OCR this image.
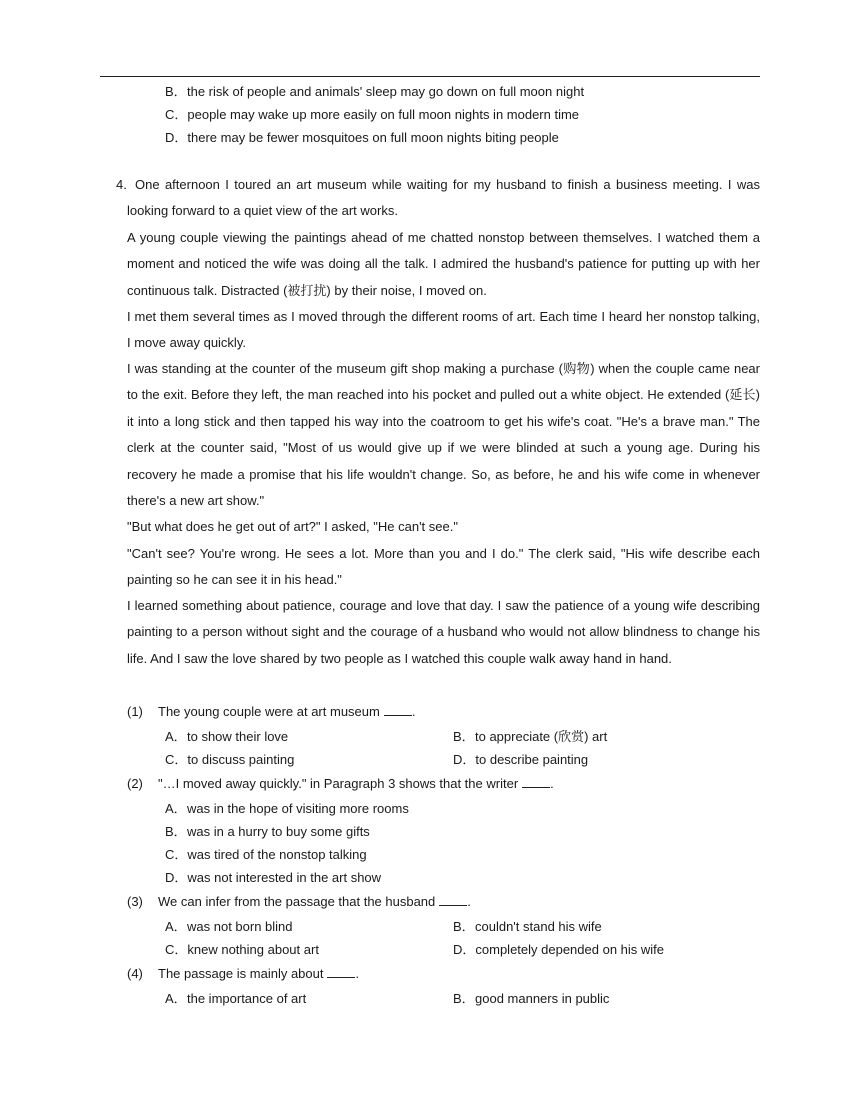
B．the risk of people and animals' sleep may go down on full moon night
C．people may wake up more easily on full moon nights in modern time
D．there may be fewer mosquitoes on full moon nights biting people
4. One afternoon I toured an art museum while waiting for my husband to finish a business meeting. I was
looking forward to a quiet view of the art works.
A young couple viewing the paintings ahead of me chatted nonstop between themselves. I watched them a moment and noticed the wife was doing all the talk. I admired the husband's patience for putting up with her continuous talk. Distracted (被打扰) by their noise, I moved on.
I met them several times as I moved through the different rooms of art. Each time I heard her nonstop talking, I move away quickly.
I was standing at the counter of the museum gift shop making a purchase (购物) when the couple came near to the exit. Before they left, the man reached into his pocket and pulled out a white object. He extended (延长) it into a long stick and then tapped his way into the coatroom to get his wife's coat. "He's a brave man." The clerk at the counter said, "Most of us would give up if we were blinded at such a young age. During his recovery he made a promise that his life wouldn't change. So, as before, he and his wife come in whenever there's a new art show."
"But what does he get out of art?" I asked, "He can't see."
"Can't see? You're wrong. He sees a lot. More than you and I do." The clerk said, "His wife describe each painting so he can see it in his head."
I learned something about patience, courage and love that day. I saw the patience of a young wife describing painting to a person without sight and the courage of a husband who would not allow blindness to change his life. And I saw the love shared by two people as I watched this couple walk away hand in hand.
(1) The young couple were at art museum .
A．to show their love	B．to appreciate (欣赏) art
C．to discuss painting	D．to describe painting
(2) "…I moved away quickly." in Paragraph 3 shows that the writer .
A．was in the hope of visiting more rooms
B．was in a hurry to buy some gifts
C．was tired of the nonstop talking
D．was not interested in the art show
(3) We can infer from the passage that the husband .
A．was not born blind	B．couldn't stand his wife
C．knew nothing about art	D．completely depended on his wife
(4) The passage is mainly about .
A．the importance of art	B．good manners in public
